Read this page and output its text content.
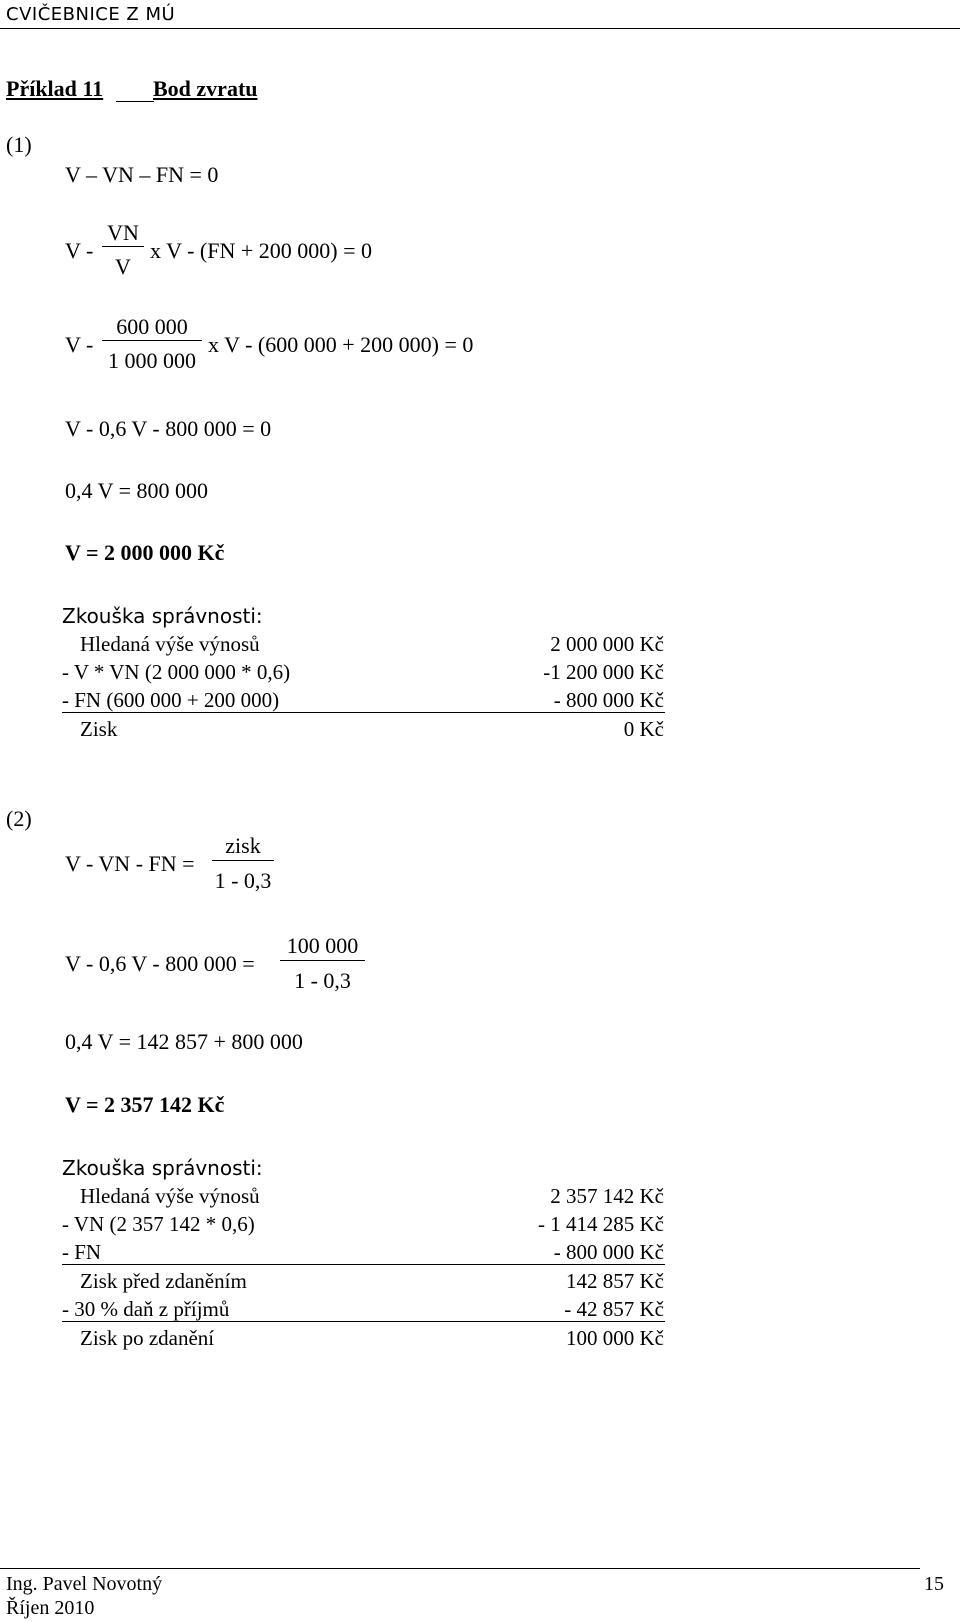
CVIČEBNICE Z MÚ
Příklad 11 Bod zvratu
(1)
V – VN – FN = 0
V -
VN
V
x V - (FN + 200 000) = 0
V -
600 000
1 000 000
x V - (600 000 + 200 000) = 0
V - 0,6 V - 800 000 = 0
0,4 V = 800 000
V = 2 000 000 Kč
Zkouška správnosti:
Hledaná výše výnosů	2 000 000 Kč
- V * VN (2 000 000 * 0,6)	-1 200 000 Kč
- FN (600 000 + 200 000)	- 800 000 Kč
Zisk	0 Kč
(2)
V - VN - FN =
zisk
1 - 0,3
V - 0,6 V - 800 000 =
100 000
1 - 0,3
0,4 V = 142 857 + 800 000
V = 2 357 142 Kč
Zkouška správnosti:
Hledaná výše výnosů	2 357 142 Kč
- VN (2 357 142 * 0,6)	- 1 414 285 Kč
- FN	- 800 000 Kč
Zisk před zdaněním	142 857 Kč
- 30 % daň z příjmů	- 42 857 Kč
Zisk po zdanění	100 000 Kč
Ing. Pavel Novotný
Říjen 2010
15
